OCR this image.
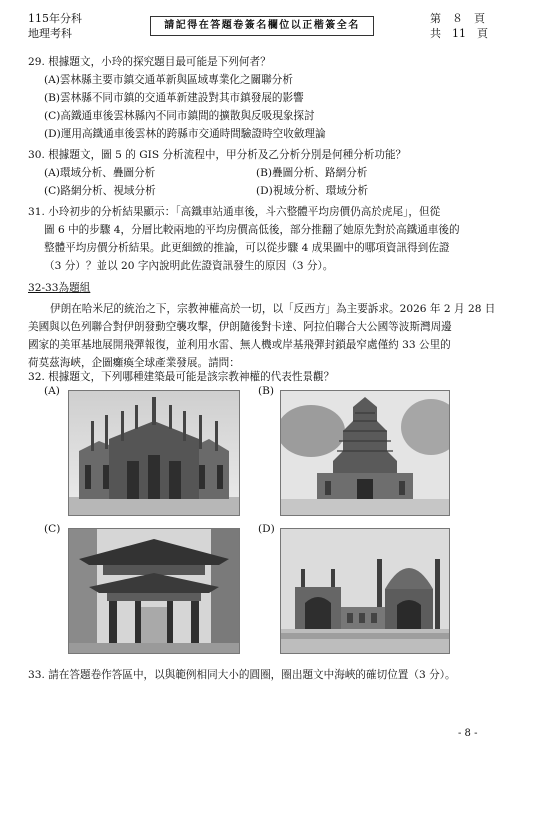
115年分科
地理考科
請記得在答題卷簽名欄位以正楷簽全名
第　８　頁
共　11　頁
29. 根據題文，小玲的探究題目最可能是下列何者？
(A)雲林縣主要市鎮交通革新與區域專業化之關聯分析
(B)雲林縣不同市鎮的交通革新建設對其市鎮發展的影響
(C)高鐵通車後雲林縣內不同市鎮間的擴散與反吸現象探討
(D)運用高鐵通車後雲林的跨縣市交通時間驗證時空收斂理論
30. 根據題文，圖 5 的 GIS 分析流程中，甲分析及乙分析分別是何種分析功能？
(A)環域分析、疊圖分析	(B)疊圖分析、路網分析
(C)路網分析、視域分析	(D)視域分析、環域分析
31. 小玲初步的分析結果顯示：「高鐵車站通車後，斗六整體平均房價仍高於虎尾」，但從
圖 6 中的步驟 4，分層比較兩地的平均房價高低後，部分推翻了她原先對於高鐵通車後的
整體平均房價分析結果。此更細緻的推論，可以從步驟 4 成果圖中的哪項資訊得到佐證
（3 分）？並以 20 字內說明此佐證資訊發生的原因（3 分）。
32-33為題組
伊朗在哈米尼的統治之下，宗教神權高於一切，以「反西方」為主要訴求。2026 年 2 月 28 日
美國與以色列聯合對伊朗發動空襲攻擊，伊朗隨後對卡達、阿拉伯聯合大公國等波斯灣周邊
國家的美軍基地展開飛彈報復，並利用水雷、無人機或岸基飛彈封鎖最窄處僅約 33 公里的
荷莫茲海峽，企圖癱瘓全球產業發展。請問：
32. 根據題文，下列哪種建築最可能是該宗教神權的代表性景觀？
(A)	(B)
(C)	(D)
33. 請在答題卷作答區中，以與範例相同大小的圓圈，圈出題文中海峽的確切位置（3 分）。
- 8 -
